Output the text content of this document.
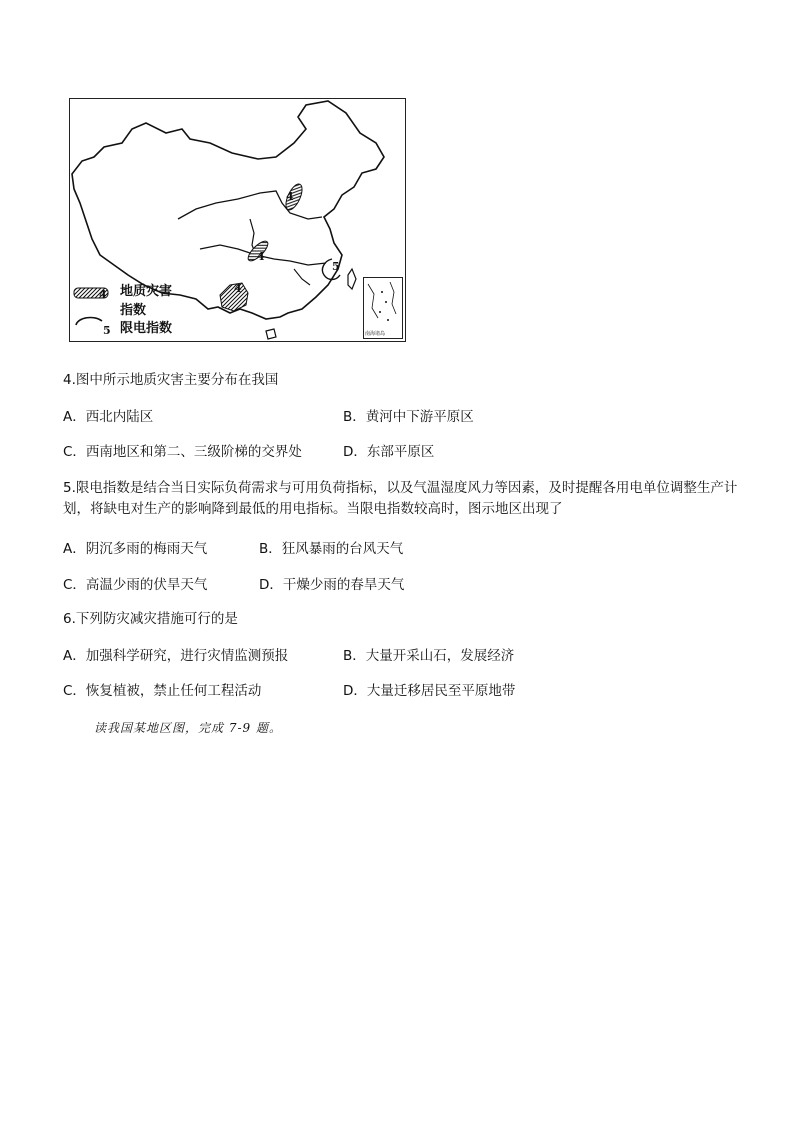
4
4
4
5
4 地质灾害
指数
5 限电指数	南海诸岛
4.图中所示地质灾害主要分布在我国
A．西北内陆区	B．黄河中下游平原区
C．西南地区和第二、三级阶梯的交界处	D．东部平原区
5.限电指数是结合当日实际负荷需求与可用负荷指标，以及气温湿度风力等因素，及时提醒各用电单位调整生产计划，将缺电对生产的影响降到最低的用电指标。当限电指数较高时，图示地区出现了
A．阴沉多雨的梅雨天气	B．狂风暴雨的台风天气
C．高温少雨的伏旱天气	D．干燥少雨的春旱天气
6.下列防灾减灾措施可行的是
A．加强科学研究，进行灾情监测预报	B．大量开采山石，发展经济
C．恢复植被，禁止任何工程活动	D．大量迁移居民至平原地带
读我国某地区图，完成 7-9 题。
